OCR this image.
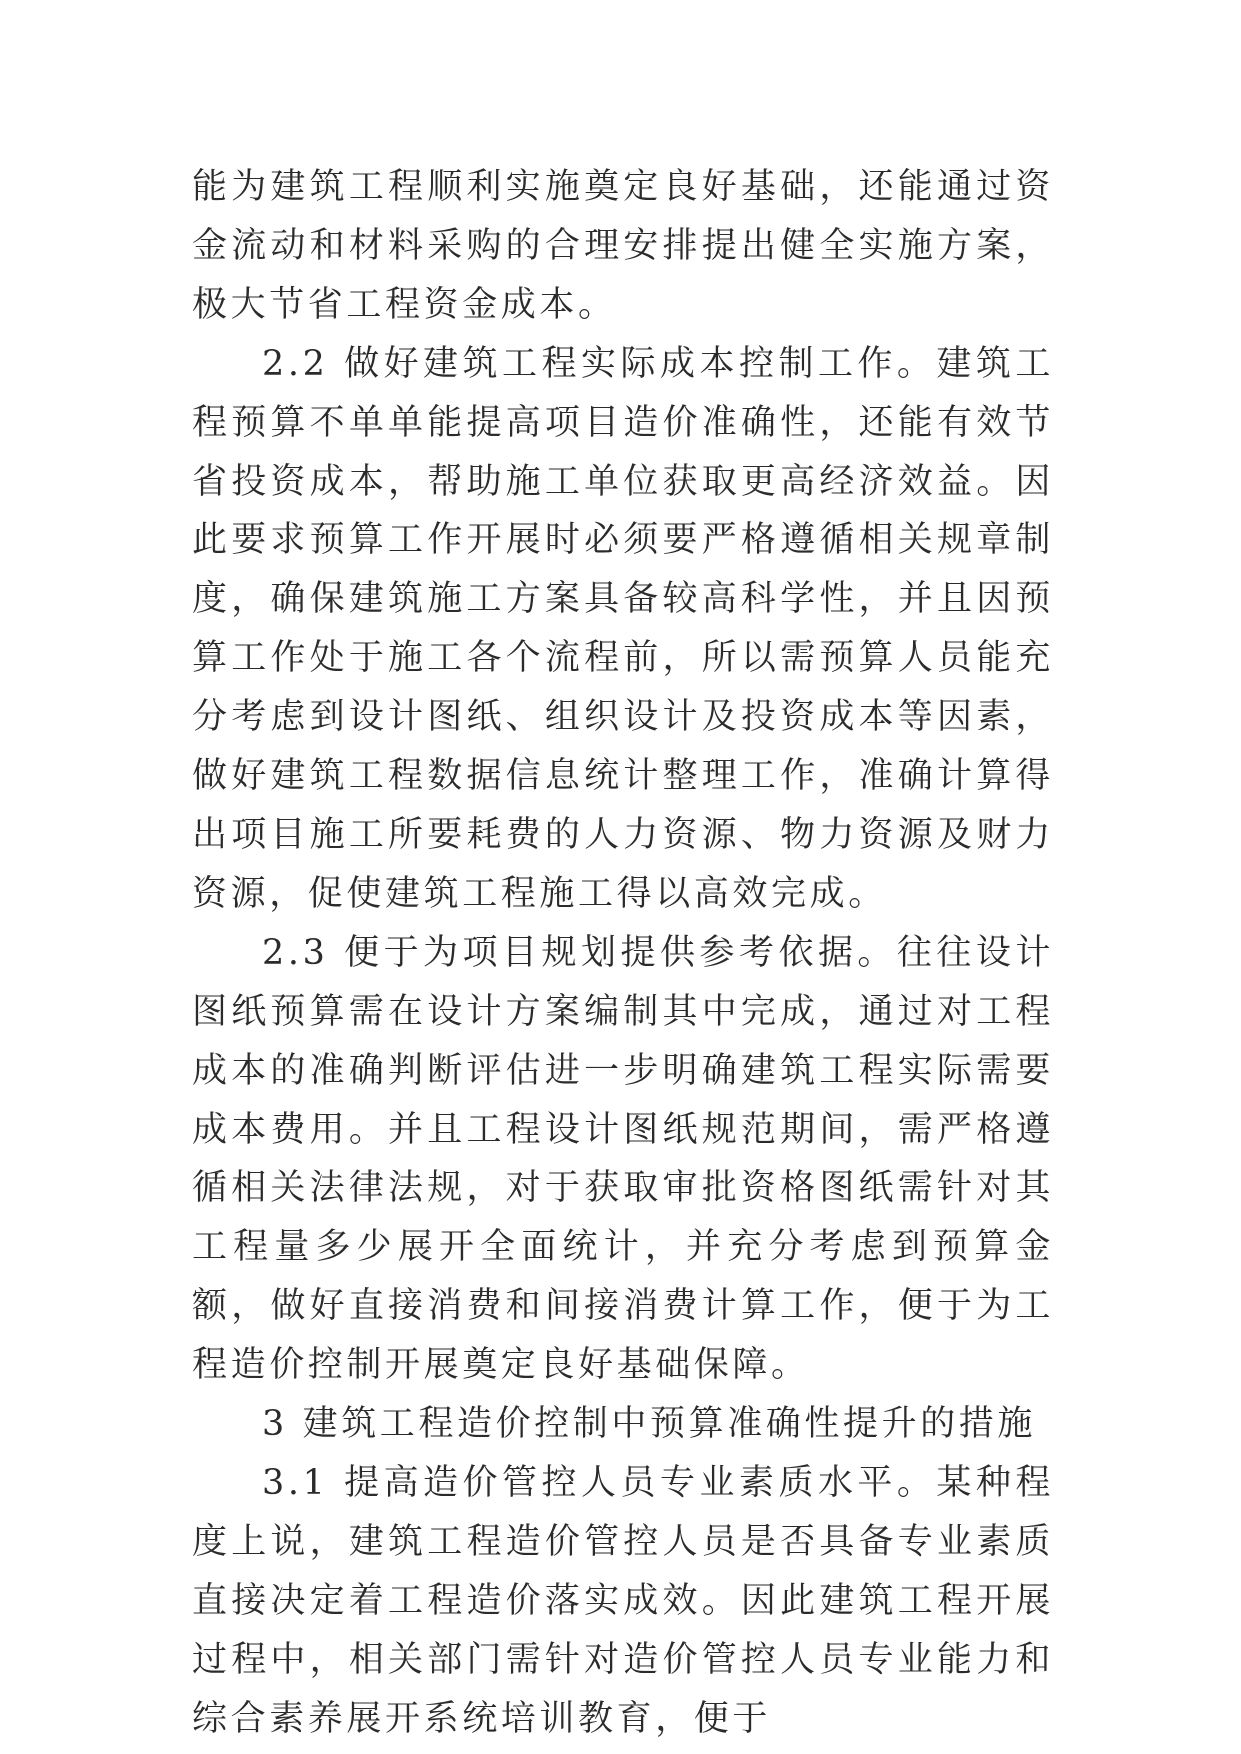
能为建筑工程顺利实施奠定良好基础，还能通过资金流动和材料采购的合理安排提出健全实施方案，极大节省工程资金成本。

2.2 做好建筑工程实际成本控制工作。建筑工程预算不单单能提高项目造价准确性，还能有效节省投资成本，帮助施工单位获取更高经济效益。因此要求预算工作开展时必须要严格遵循相关规章制度，确保建筑施工方案具备较高科学性，并且因预算工作处于施工各个流程前，所以需预算人员能充分考虑到设计图纸、组织设计及投资成本等因素，做好建筑工程数据信息统计整理工作，准确计算得出项目施工所要耗费的人力资源、物力资源及财力资源，促使建筑工程施工得以高效完成。

2.3 便于为项目规划提供参考依据。往往设计图纸预算需在设计方案编制其中完成，通过对工程成本的准确判断评估进一步明确建筑工程实际需要成本费用。并且工程设计图纸规范期间，需严格遵循相关法律法规，对于获取审批资格图纸需针对其工程量多少展开全面统计，并充分考虑到预算金额，做好直接消费和间接消费计算工作，便于为工程造价控制开展奠定良好基础保障。

3 建筑工程造价控制中预算准确性提升的措施

3.1 提高造价管控人员专业素质水平。某种程度上说，建筑工程造价管控人员是否具备专业素质直接决定着工程造价落实成效。因此建筑工程开展过程中，相关部门需针对造价管控人员专业能力和综合素养展开系统培训教育，便于
